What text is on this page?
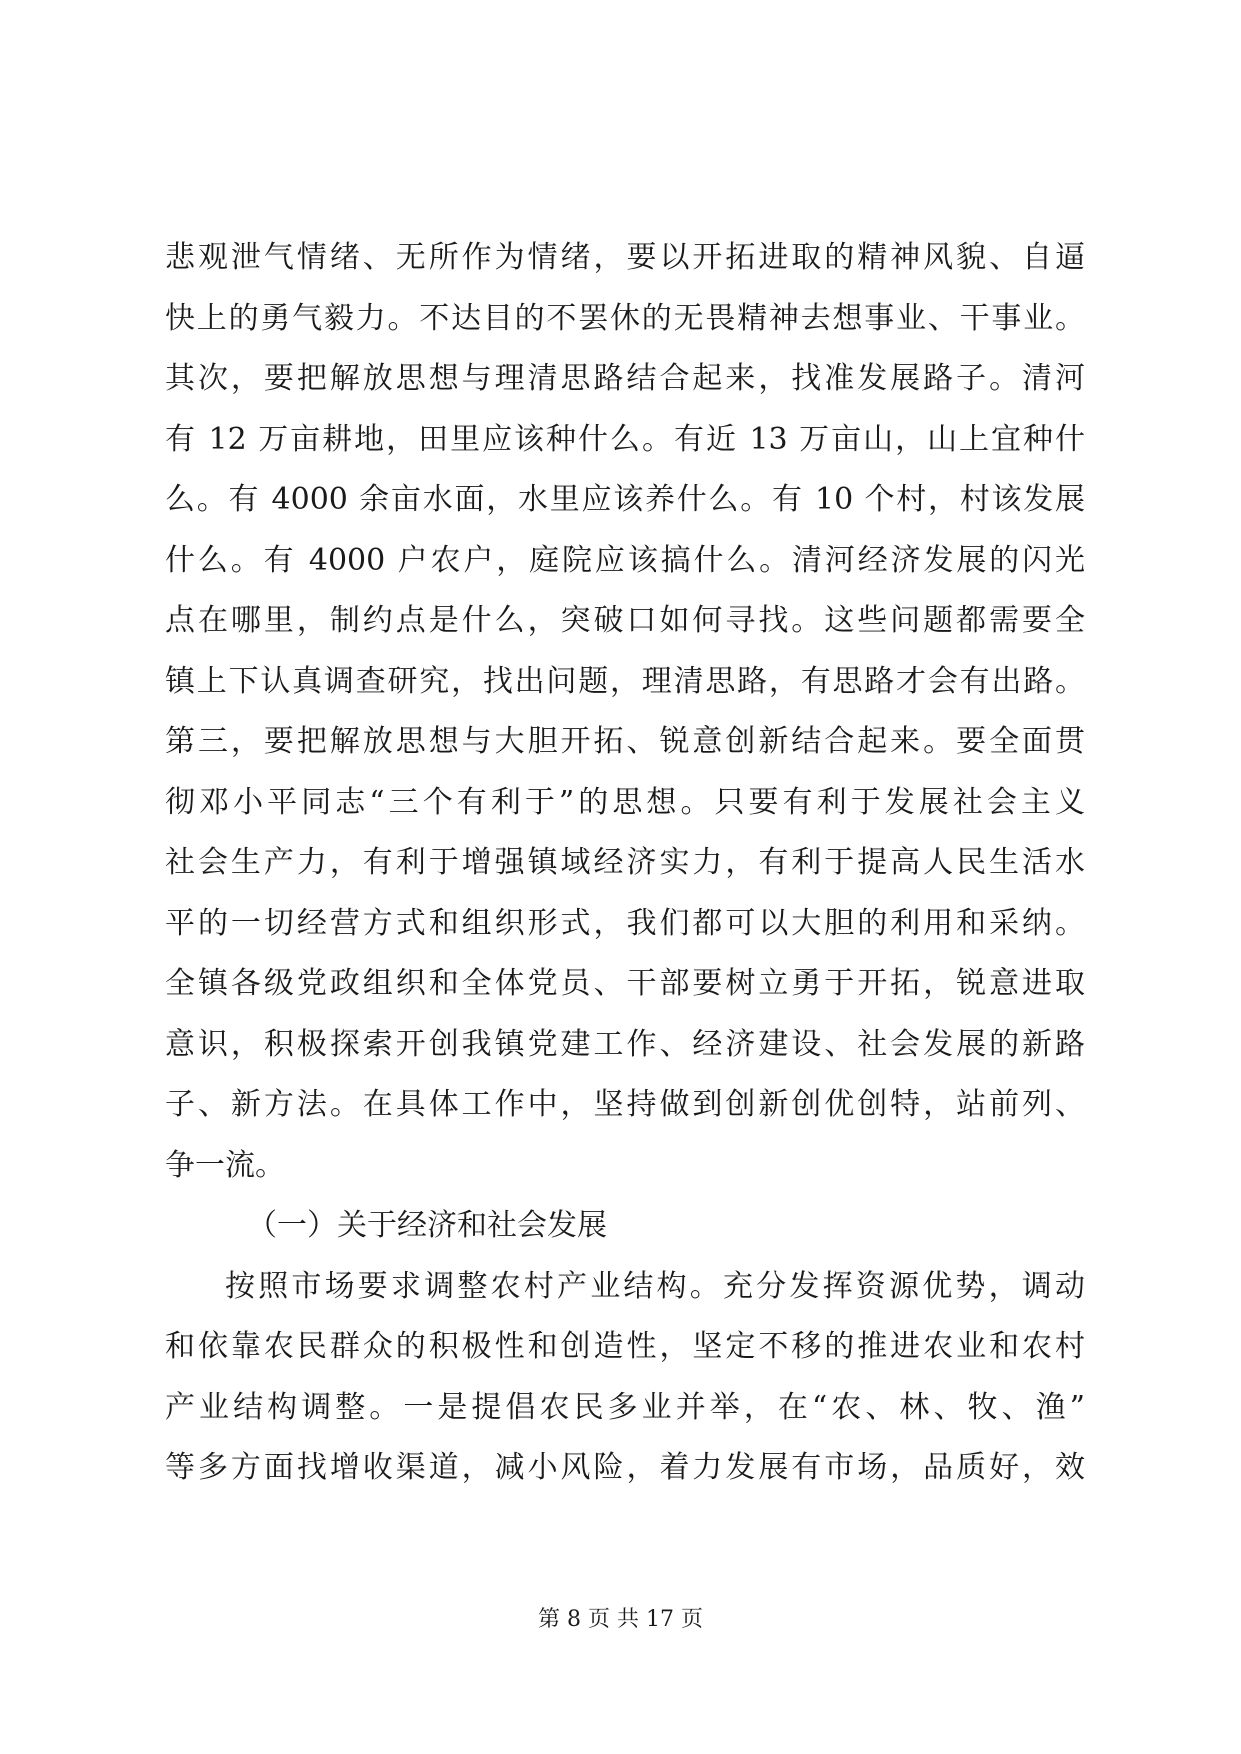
悲观泄气情绪、无所作为情绪，要以开拓进取的精神风貌、自逼
快上的勇气毅力。不达目的不罢休的无畏精神去想事业、干事业。
其次，要把解放思想与理清思路结合起来，找准发展路子。清河
有 12 万亩耕地，田里应该种什么。有近 13 万亩山，山上宜种什
么。有 4000 余亩水面，水里应该养什么。有 10 个村，村该发展
什么。有 4000 户农户，庭院应该搞什么。清河经济发展的闪光
点在哪里，制约点是什么，突破口如何寻找。这些问题都需要全
镇上下认真调查研究，找出问题，理清思路，有思路才会有出路。
第三，要把解放思想与大胆开拓、锐意创新结合起来。要全面贯
彻邓小平同志“三个有利于”的思想。只要有利于发展社会主义
社会生产力，有利于增强镇域经济实力，有利于提高人民生活水
平的一切经营方式和组织形式，我们都可以大胆的利用和采纳。
全镇各级党政组织和全体党员、干部要树立勇于开拓，锐意进取
意识，积极探索开创我镇党建工作、经济建设、社会发展的新路
子、新方法。在具体工作中，坚持做到创新创优创特，站前列、
争一流。
（一）关于经济和社会发展
按照市场要求调整农村产业结构。充分发挥资源优势，调动
和依靠农民群众的积极性和创造性，坚定不移的推进农业和农村
产业结构调整。一是提倡农民多业并举，在“农、林、牧、渔”
等多方面找增收渠道，减小风险，着力发展有市场，品质好，效
第 8 页 共 17 页
